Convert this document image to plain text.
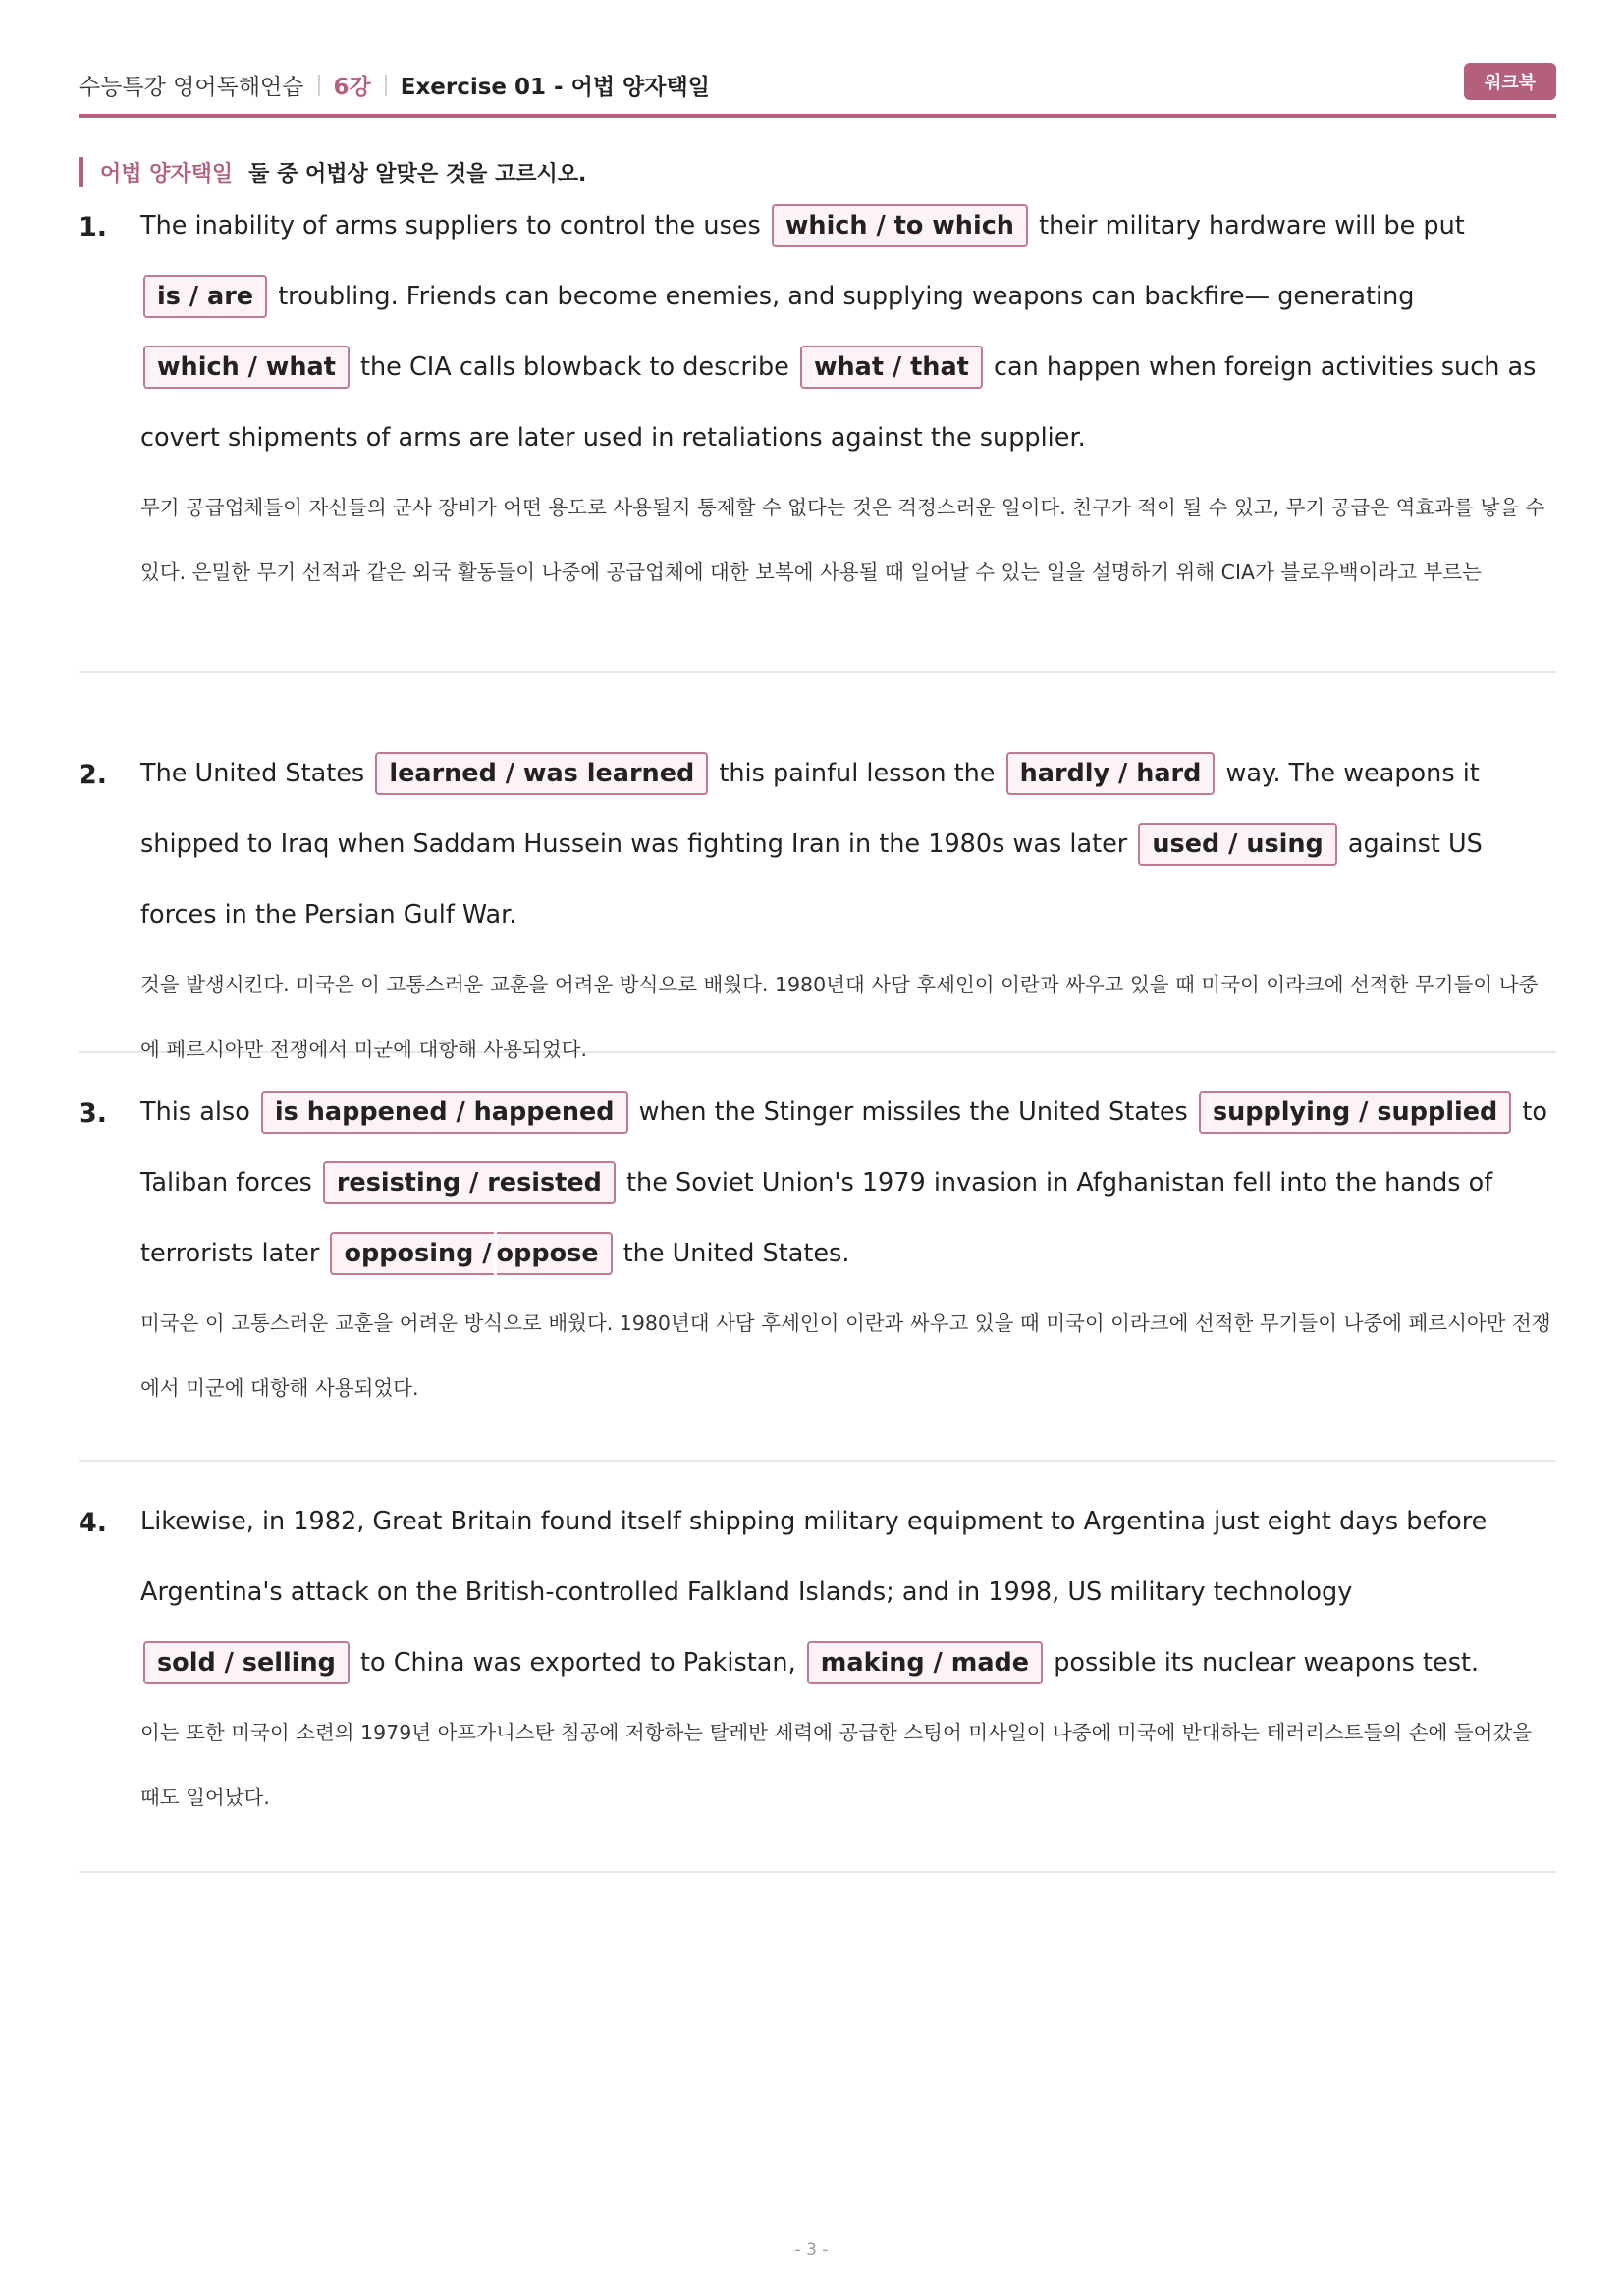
수능특강 영어독해연습 6강 Exercise 01 - 어법 양자택일	워크북
어법 양자택일 둘 중 어법상 알맞은 것을 고르시오.
1. The inability of arms suppliers to control the uses which / to which their military hardware will be put is / are troubling. Friends can become enemies, and supplying weapons can backfire— generating which / what the CIA calls blowback to describe what / that can happen when foreign activities such as covert shipments of arms are later used in retaliations against the supplier.
무기 공급업체들이 자신들의 군사 장비가 어떤 용도로 사용될지 통제할 수 없다는 것은 걱정스러운 일이다. 친구가 적이 될 수 있고, 무기 공급은 역효과를 낳을 수 있다. 은밀한 무기 선적과 같은 외국 활동들이 나중에 공급업체에 대한 보복에 사용될 때 일어날 수 있는 일을 설명하기 위해 CIA가 블로우백이라고 부르는
2. The United States learned / was learned this painful lesson the hardly / hard way. The weapons it shipped to Iraq when Saddam Hussein was fighting Iran in the 1980s was later used / using against US forces in the Persian Gulf War.
것을 발생시킨다. 미국은 이 고통스러운 교훈을 어려운 방식으로 배웠다. 1980년대 사담 후세인이 이란과 싸우고 있을 때 미국이 이라크에 선적한 무기들이 나중에 페르시아만 전쟁에서 미군에 대항해 사용되었다.
3. This also is happened / happened when the Stinger missiles the United States supplying / supplied to Taliban forces resisting / resisted the Soviet Union's 1979 invasion in Afghanistan fell into the hands of terrorists later opposing / oppose the United States.
미국은 이 고통스러운 교훈을 어려운 방식으로 배웠다. 1980년대 사담 후세인이 이란과 싸우고 있을 때 미국이 이라크에 선적한 무기들이 나중에 페르시아만 전쟁에서 미군에 대항해 사용되었다.
4. Likewise, in 1982, Great Britain found itself shipping military equipment to Argentina just eight days before Argentina's attack on the British-controlled Falkland Islands; and in 1998, US military technology sold / selling to China was exported to Pakistan, making / made possible its nuclear weapons test.
이는 또한 미국이 소련의 1979년 아프가니스탄 침공에 저항하는 탈레반 세력에 공급한 스팅어 미사일이 나중에 미국에 반대하는 테러리스트들의 손에 들어갔을 때도 일어났다.
- 3 -
